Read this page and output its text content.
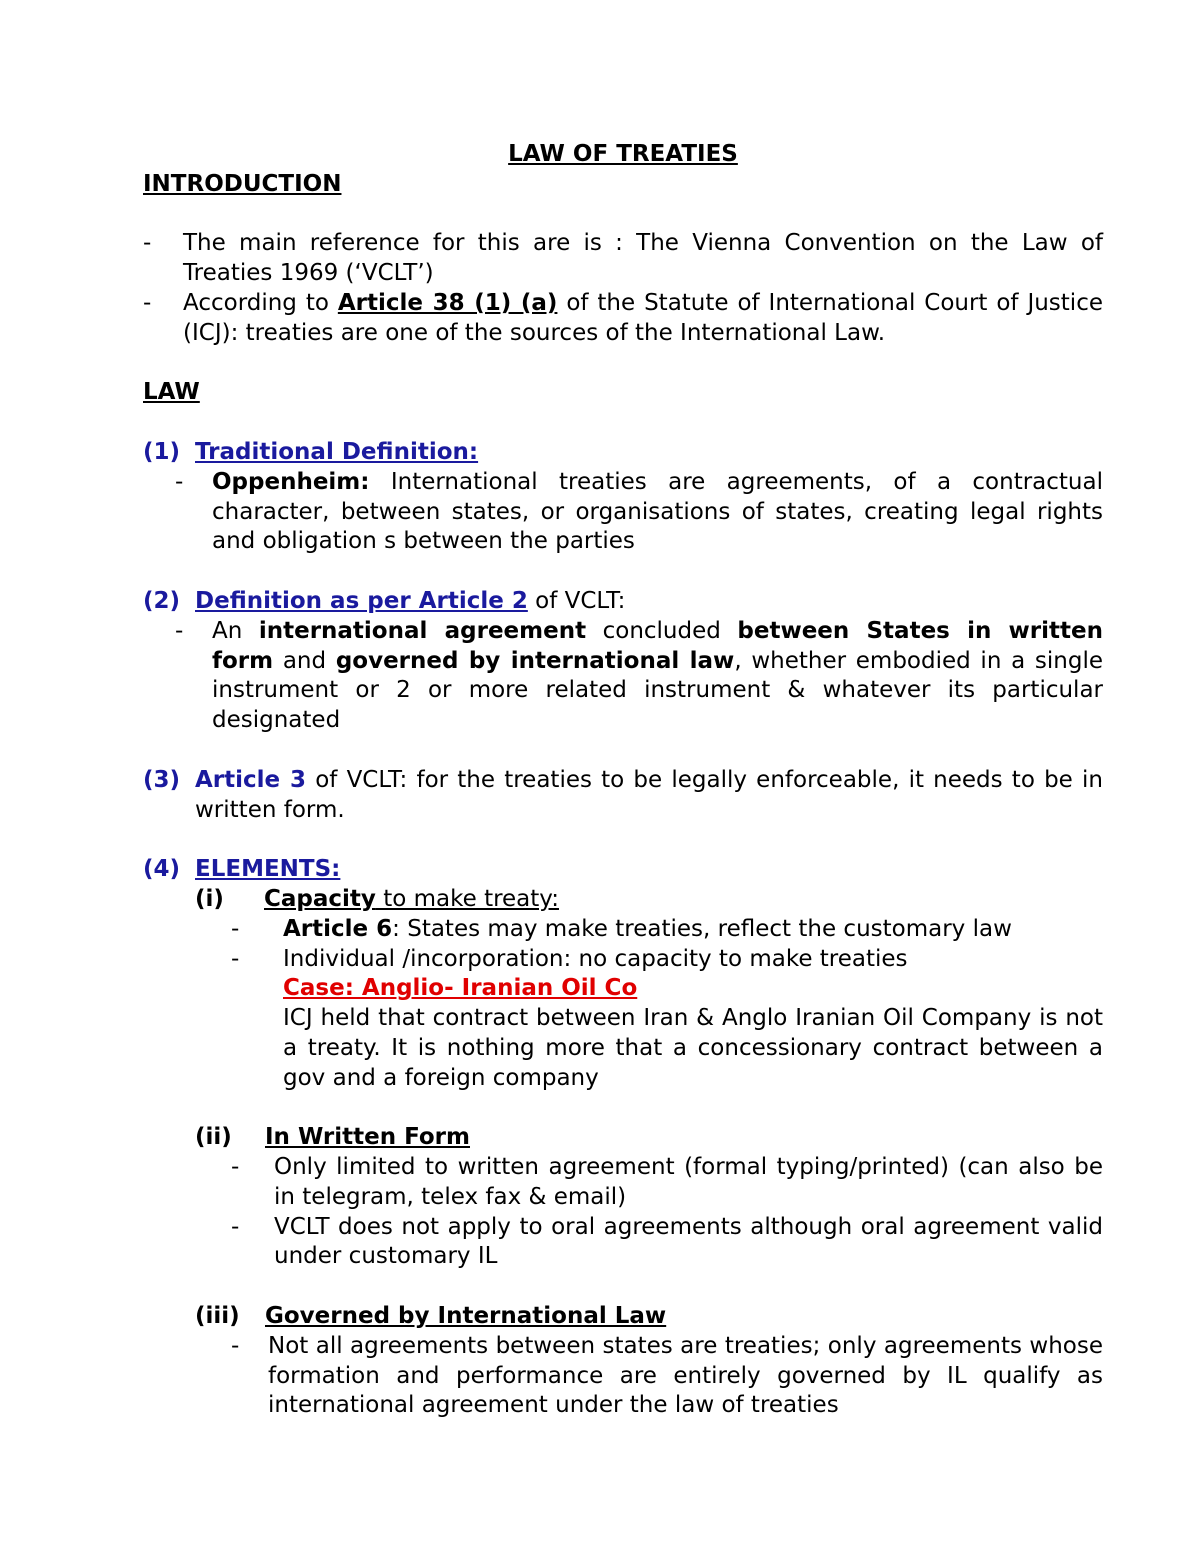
LAW OF TREATIES

INTRODUCTION

-	The main reference for this are is : The Vienna Convention on the Law of Treaties 1969 (‘VCLT’)
-	According to Article 38 (1) (a) of the Statute of International Court of Justice (ICJ): treaties are one of the sources of the International Law.

LAW

(1) Traditional Definition:
-	Oppenheim: International treaties are agreements, of a contractual character, between states, or organisations of states, creating legal rights and obligation s between the parties
(2) Definition as per Article 2 of VCLT:
-	An international agreement concluded between States in written form and governed by international law, whether embodied in a single instrument or 2 or more related instrument & whatever its particular designated
(3) Article 3 of VCLT: for the treaties to be legally enforceable, it needs to be in written form.
(4) ELEMENTS:
(i)	Capacity to make treaty:
-	Article 6: States may make treaties, reflect the customary law
-	Individual /incorporation: no capacity to make treaties

Case: Anglio- Iranian Oil Co

ICJ held that contract between Iran & Anglo Iranian Oil Company is not a treaty. It is nothing more that a concessionary contract between a gov and a foreign company

(ii)	In Written Form
-	Only limited to written agreement (formal typing/printed) (can also be in telegram, telex fax & email)
-	VCLT does not apply to oral agreements although oral agreement valid under customary IL
(iii)	Governed by International Law
-	Not all agreements between states are treaties; only agreements whose formation and performance are entirely governed by IL qualify as international agreement under the law of treaties
